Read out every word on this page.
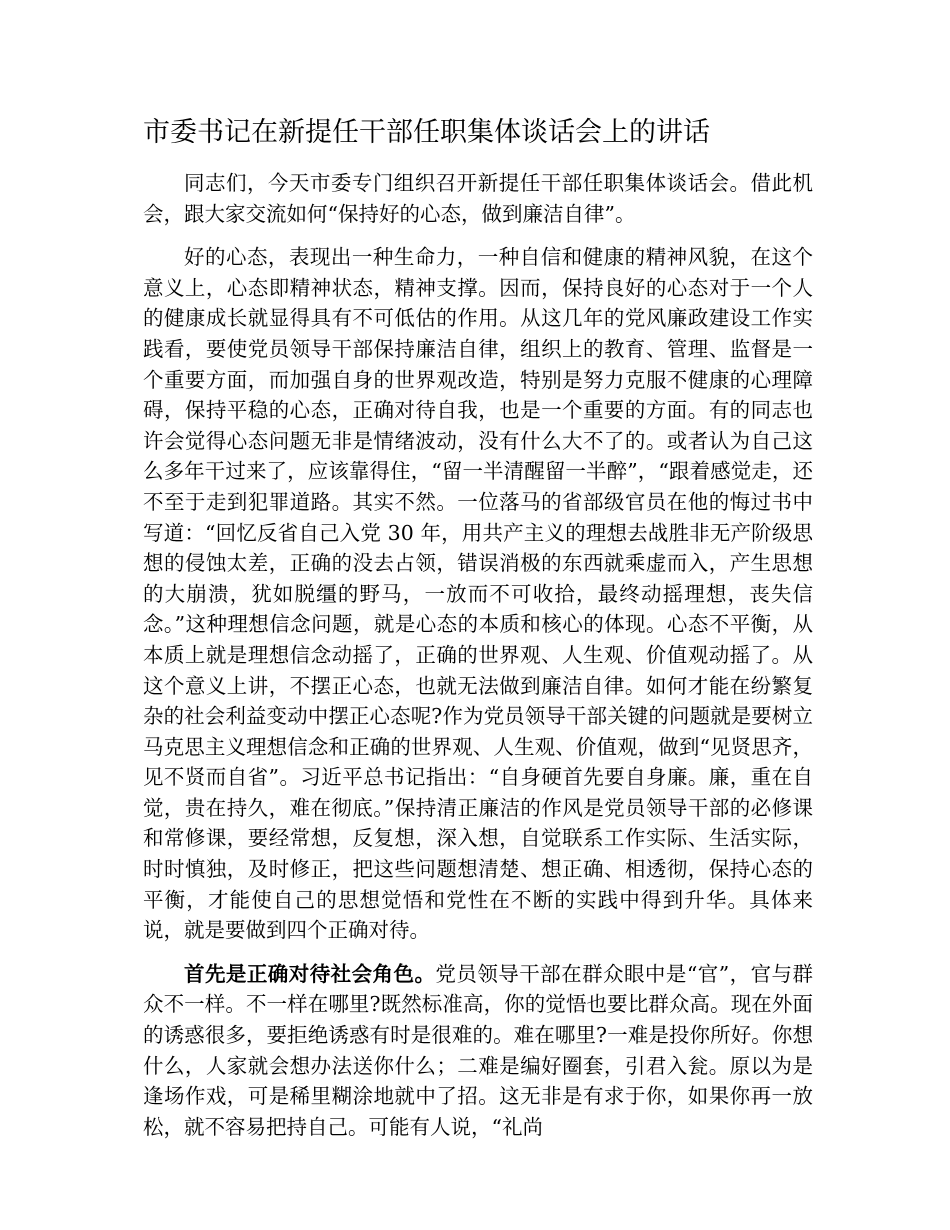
市委书记在新提任干部任职集体谈话会上的讲话

同志们，今天市委专门组织召开新提任干部任职集体谈话会。借此机会，跟大家交流如何“保持好的心态，做到廉洁自律”。

好的心态，表现出一种生命力，一种自信和健康的精神风貌，在这个意义上，心态即精神状态，精神支撑。因而，保持良好的心态对于一个人的健康成长就显得具有不可低估的作用。从这几年的党风廉政建设工作实践看，要使党员领导干部保持廉洁自律，组织上的教育、管理、监督是一个重要方面，而加强自身的世界观改造，特别是努力克服不健康的心理障碍，保持平稳的心态，正确对待自我，也是一个重要的方面。有的同志也许会觉得心态问题无非是情绪波动，没有什么大不了的。或者认为自己这么多年干过来了，应该靠得住，“留一半清醒留一半醉”，“跟着感觉走，还不至于走到犯罪道路。其实不然。一位落马的省部级官员在他的悔过书中写道：“回忆反省自己入党 30 年，用共产主义的理想去战胜非无产阶级思想的侵蚀太差，正确的没去占领，错误消极的东西就乘虚而入，产生思想的大崩溃，犹如脱缰的野马，一放而不可收拾，最终动摇理想，丧失信念。”这种理想信念问题，就是心态的本质和核心的体现。心态不平衡，从本质上就是理想信念动摇了，正确的世界观、人生观、价值观动摇了。从这个意义上讲，不摆正心态，也就无法做到廉洁自律。如何才能在纷繁复杂的社会利益变动中摆正心态呢?作为党员领导干部关键的问题就是要树立马克思主义理想信念和正确的世界观、人生观、价值观，做到“见贤思齐，见不贤而自省”。习近平总书记指出：“自身硬首先要自身廉。廉，重在自觉，贵在持久，难在彻底。”保持清正廉洁的作风是党员领导干部的必修课和常修课，要经常想，反复想，深入想，自觉联系工作实际、生活实际，时时慎独，及时修正，把这些问题想清楚、想正确、相透彻，保持心态的平衡，才能使自己的思想觉悟和党性在不断的实践中得到升华。具体来说，就是要做到四个正确对待。

首先是正确对待社会角色。党员领导干部在群众眼中是“官”，官与群众不一样。不一样在哪里?既然标准高，你的觉悟也要比群众高。现在外面的诱惑很多，要拒绝诱惑有时是很难的。难在哪里?一难是投你所好。你想什么，人家就会想办法送你什么；二难是编好圈套，引君入瓮。原以为是逢场作戏，可是稀里糊涂地就中了招。这无非是有求于你，如果你再一放松，就不容易把持自己。可能有人说，“礼尚
